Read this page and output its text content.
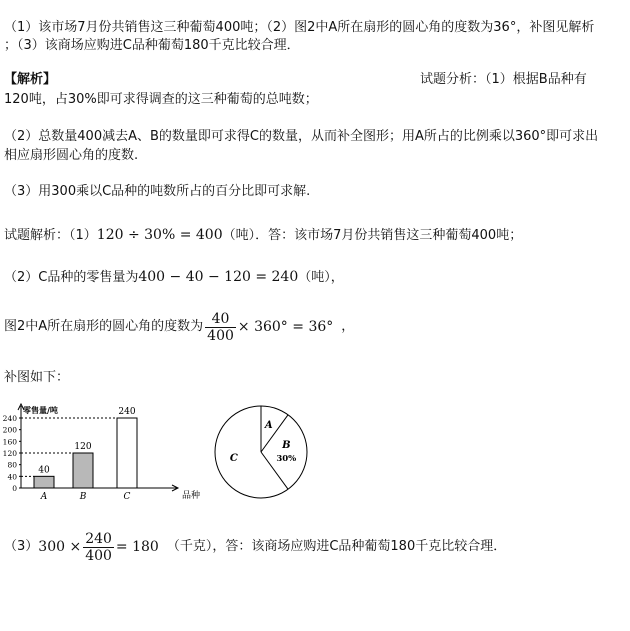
（1）该市场7月份共销售这三种葡萄400吨；（2）图2中A所在扇形的圆心角的度数为36°，补图见解析
；（3）该商场应购进C品种葡萄180千克比较合理．
【解析】	试题分析：（1）根据B品种有
120吨，占30%即可求得调查的这三种葡萄的总吨数；
（2）总数量400减去A、B的数量即可求得C的数量，从而补全图形；用A所占的比例乘以360°即可求出
相应扇形圆心角的度数.
（3）用300乘以C品种的吨数所占的百分比即可求解.
试题解析：（1）120 ÷ 30% = 400（吨）．答：该市场7月份共销售这三种葡萄400吨；
（2）C品种的零售量为400 − 40 − 120 = 240（吨），
图2中A所在扇形的圆心角的度数为 $\frac{40}{400} \times 360^\circ = 36^\circ$ ，
补图如下：
零售量/吨
品种
0
40
80
120
160
200
240
40
A
120
B
240
C
A
B
30%
C
$(3)300 \times \frac{240}{400} = 180$ （千克），答：该商场应购进C品种葡萄180千克比较合理．
